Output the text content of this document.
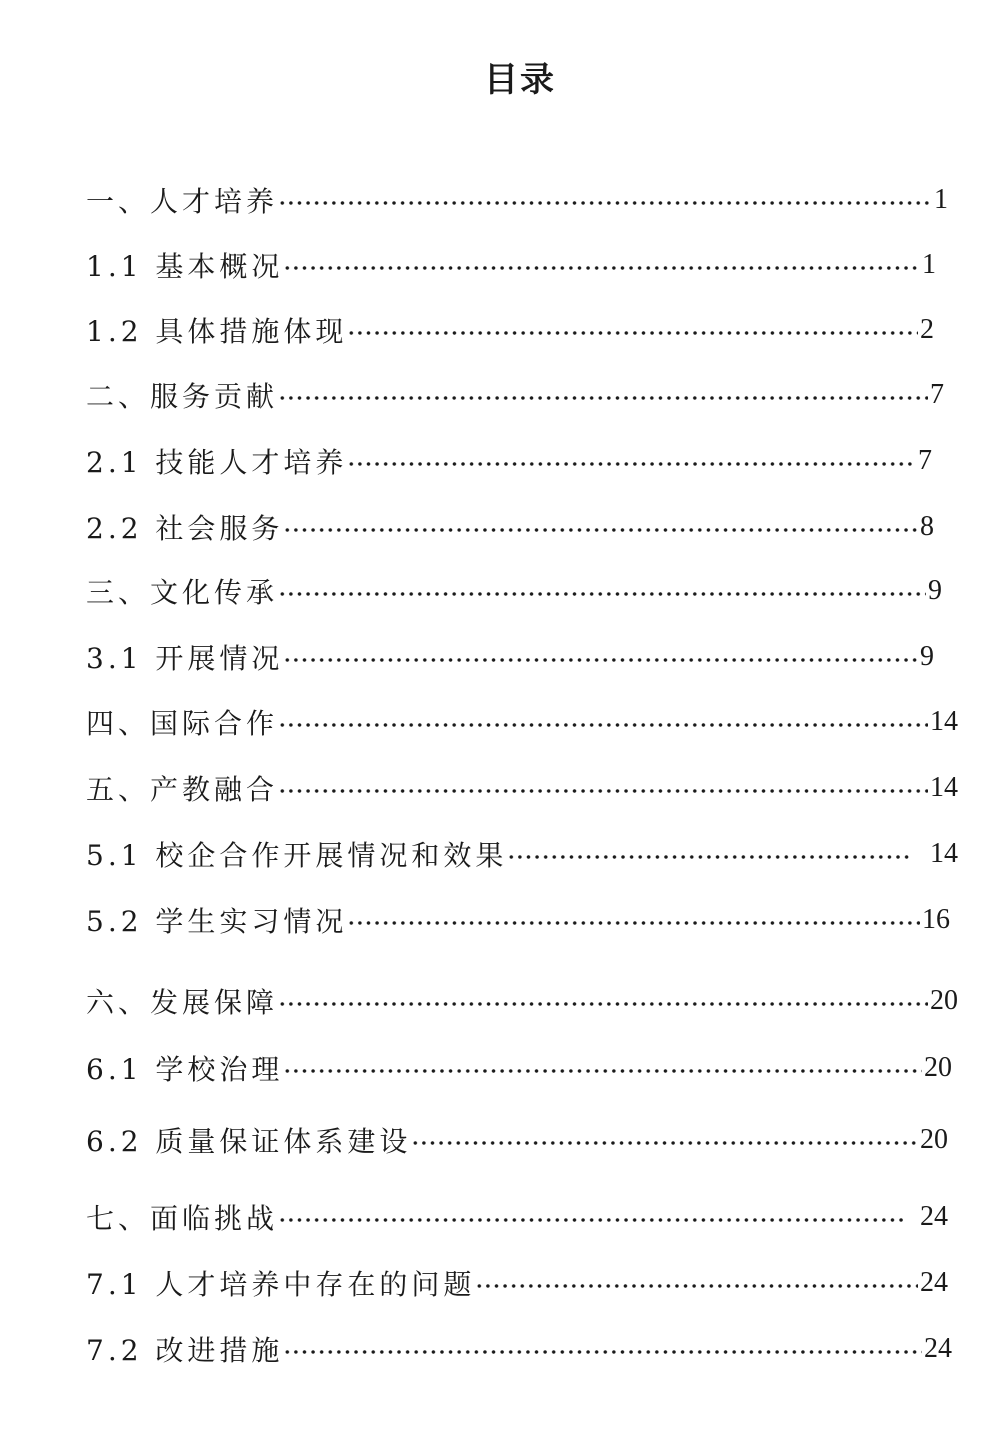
目录
一、人才培养	1
1.1 基本概况	1
1.2 具体措施体现	2
二、服务贡献	7
2.1 技能人才培养	7
2.2 社会服务	8
三、文化传承	9
3.1 开展情况	9
四、国际合作	14
五、产教融合	14
5.1 校企合作开展情况和效果	14
5.2 学生实习情况	16
六、发展保障	20
6.1 学校治理	20
6.2 质量保证体系建设	20
七、面临挑战	24
7.1 人才培养中存在的问题	24
7.2 改进措施	24
